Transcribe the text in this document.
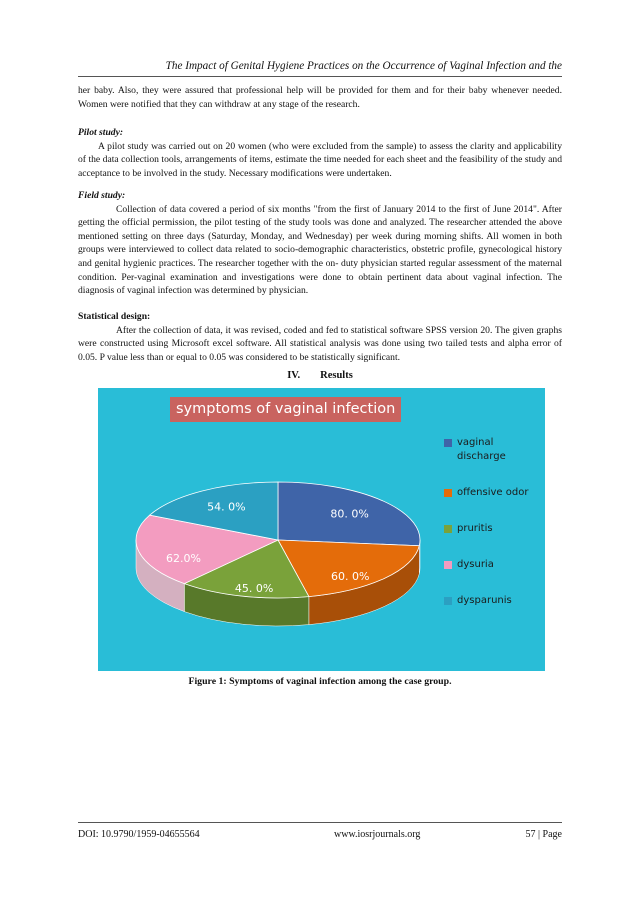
The Impact of Genital Hygiene Practices on the Occurrence of Vaginal Infection and the

her baby. Also, they were assured that professional help will be provided for them and for their baby whenever needed. Women were notified that they can withdraw at any stage of the research.

Pilot study:

A pilot study was carried out on 20 women (who were excluded from the sample) to assess the clarity and applicability of the data collection tools, arrangements of items, estimate the time needed for each sheet and the feasibility of the study and acceptance to be involved in the study. Necessary modifications were undertaken.

Field study:

Collection of data covered a period of six months "from the first of January 2014 to the first of June 2014". After getting the official permission, the pilot testing of the study tools was done and analyzed. The researcher attended the above mentioned setting on three days (Saturday, Monday, and Wednesday) per week during morning shifts. All women in both groups were interviewed to collect data related to socio-demographic characteristics, obstetric profile, gynecological history and genital hygienic practices. The researcher together with the on- duty physician started regular assessment of the maternal condition. Per-vaginal examination and investigations were done to obtain pertinent data about vaginal infection. The diagnosis of vaginal infection was determined by physician.

Statistical design:

After the collection of data, it was revised, coded and fed to statistical software SPSS version 20. The given graphs were constructed using Microsoft excel software. All statistical analysis was done using two tailed tests and alpha error of 0.05. P value less than or equal to 0.05 was considered to be statistically significant.

IV. Results
80. 0%
60. 0%
45. 0%
62.0%
54. 0%
symptoms of vaginal infection
vaginal discharge
offensive odor
pruritis
dysuria
dysparunis
Figure 1: Symptoms of vaginal infection among the case group.
DOI: 10.9790/1959-04655564	www.iosrjournals.org	57 | Page
